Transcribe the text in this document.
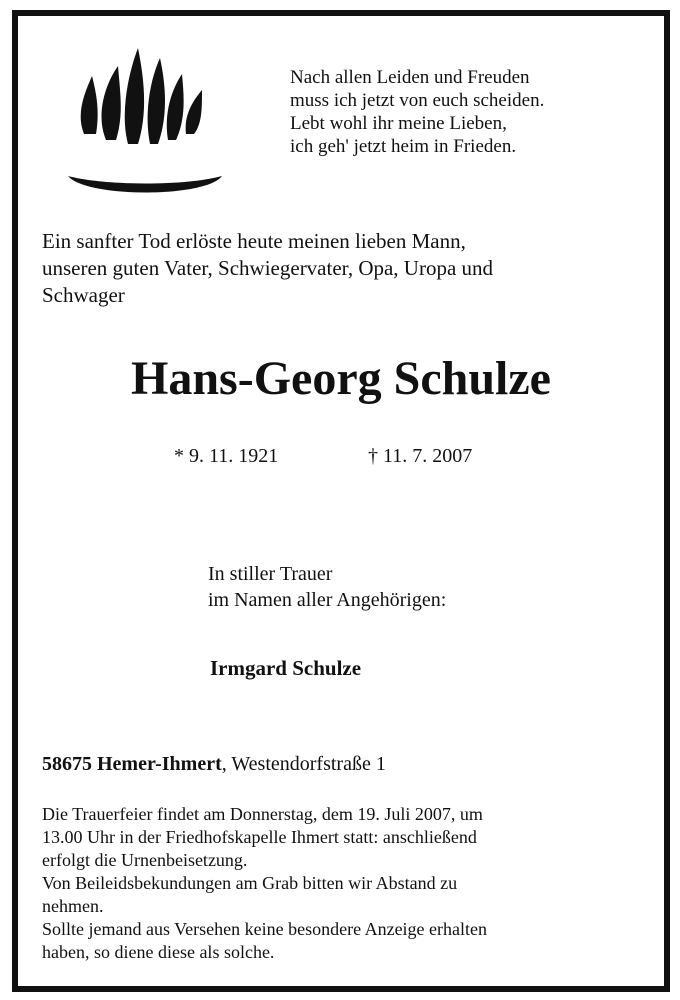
Nach allen Leiden und Freuden
muss ich jetzt von euch scheiden.
Lebt wohl ihr meine Lieben,
ich geh' jetzt heim in Frieden.
Ein sanfter Tod erlöste heute meinen lieben Mann,
unseren guten Vater, Schwiegervater, Opa, Uropa und
Schwager
Hans-Georg Schulze
* 9. 11. 1921	† 11. 7. 2007
In stiller Trauer
im Namen aller Angehörigen:
Irmgard Schulze
58675 Hemer-Ihmert, Westendorfstraße 1
Die Trauerfeier findet am Donnerstag, dem 19. Juli 2007, um
13.00 Uhr in der Friedhofskapelle Ihmert statt: anschließend
erfolgt die Urnenbeisetzung.
Von Beileidsbekundungen am Grab bitten wir Abstand zu
nehmen.
Sollte jemand aus Versehen keine besondere Anzeige erhalten
haben, so diene diese als solche.
